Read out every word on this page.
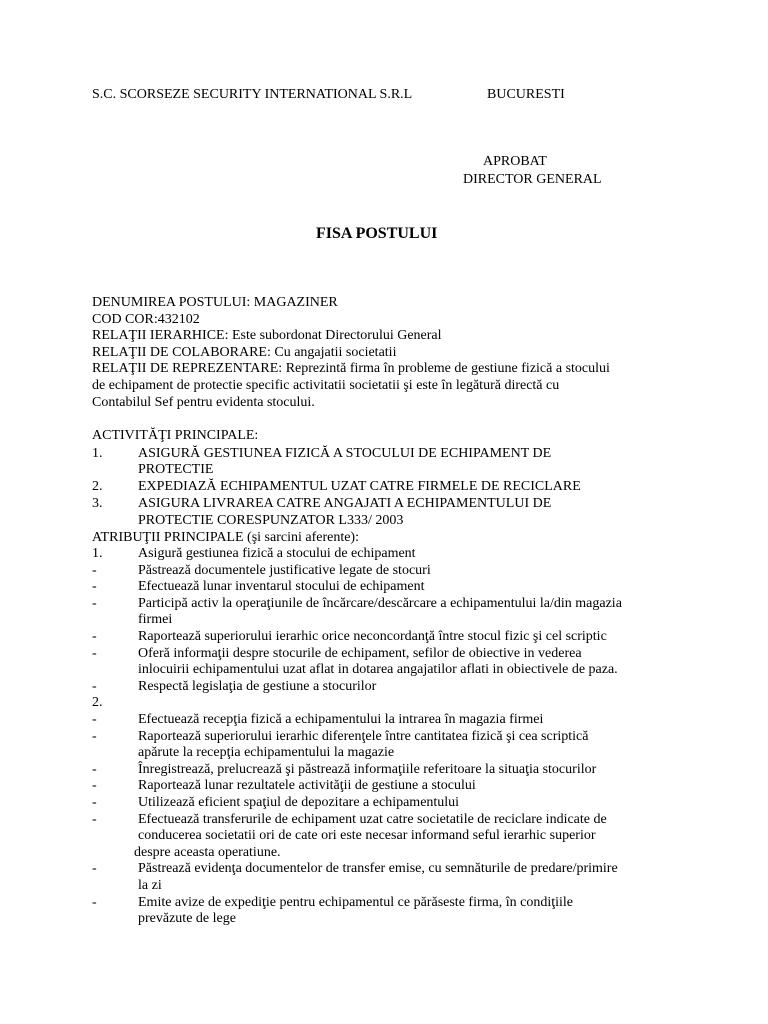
S.C. SCORSEZE SECURITY INTERNATIONAL S.R.L	BUCURESTI
APROBAT
DIRECTOR GENERAL
FISA POSTULUI
DENUMIREA POSTULUI: MAGAZINER
COD COR:432102
RELAŢII IERARHICE: Este subordonat Directorului General
RELAŢII DE COLABORARE: Cu angajatii societatii
RELAŢII DE REPREZENTARE: Reprezintă firma în probleme de gestiune fizică a stocului
de echipament de protectie specific activitatii societatii şi este în legătură directă cu
Contabilul Sef pentru evidenta stocului.
ACTIVITĂŢI PRINCIPALE:
1.	ASIGURĂ GESTIUNEA FIZICĂ A STOCULUI DE ECHIPAMENT DE
PROTECTIE
2.	EXPEDIAZĂ ECHIPAMENTUL UZAT CATRE FIRMELE DE RECICLARE
3.	ASIGURA LIVRAREA CATRE ANGAJATI A ECHIPAMENTULUI DE
PROTECTIE CORESPUNZATOR L333/ 2003
ATRIBUŢII PRINCIPALE (şi sarcini aferente):
1.	Asigură gestiunea fizică a stocului de echipament
-	Păstrează documentele justificative legate de stocuri
-	Efectuează lunar inventarul stocului de echipament
-	Participă activ la operaţiunile de încărcare/descărcare a echipamentului la/din magazia
firmei
-	Raportează superiorului ierarhic orice neconcordanţă între stocul fizic şi cel scriptic
-	Oferă informaţii despre stocurile de echipament, sefilor de obiective in vederea
inlocuirii echipamentului uzat aflat in dotarea angajatilor aflati in obiectivele de paza.
-	Respectă legislaţia de gestiune a stocurilor
2.
-	Efectuează recepţia fizică a echipamentului la intrarea în magazia firmei
-	Raportează superiorului ierarhic diferenţele între cantitatea fizică şi cea scriptică
apărute la recepţia echipamentului la magazie
-	Înregistrează, prelucrează şi păstrează informaţiile referitoare la situaţia stocurilor
-	Raportează lunar rezultatele activităţii de gestiune a stocului
-	Utilizează eficient spaţiul de depozitare a echipamentului
-	Efectuează transferurile de echipament uzat catre societatile de reciclare indicate de
conducerea societatii ori de cate ori este necesar informand seful ierarhic superior
despre aceasta operatiune.
-	Păstrează evidenţa documentelor de transfer emise, cu semnăturile de predare/primire
la zi
-	Emite avize de expediţie pentru echipamentul ce părăseste firma, în condiţiile
prevăzute de lege
